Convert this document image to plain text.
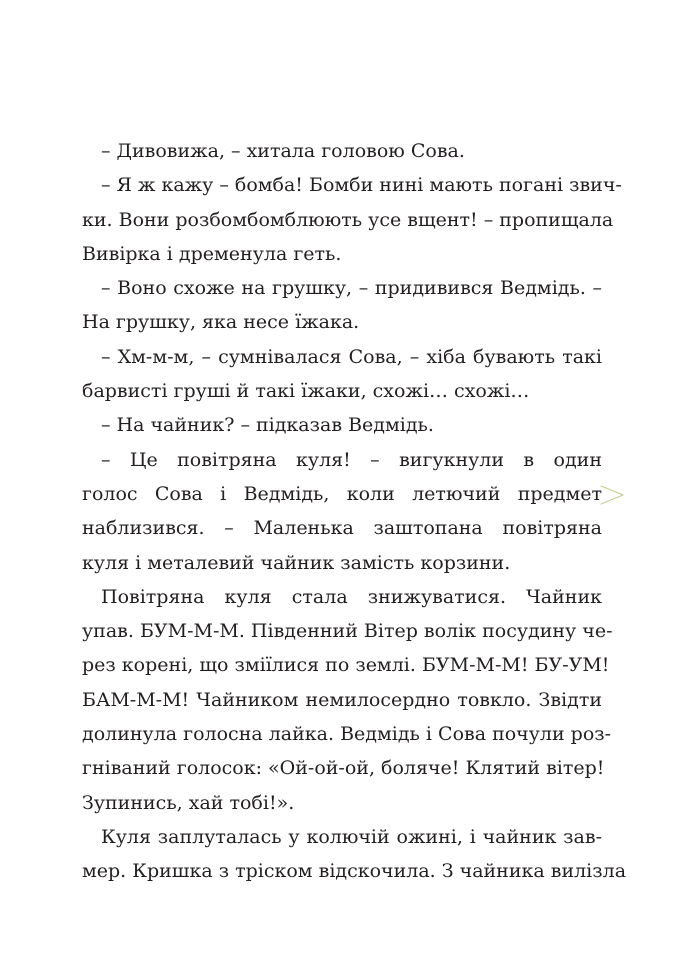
– Дивовижа, – хитала головою Сова.
– Я ж кажу – бомба! Бомби нині мають погані звич-
ки. Вони розбомбомблюють усе вщент! – пропищала
Вивірка і дременула геть.
– Воно схоже на грушку, – придивився Ведмідь. –
На грушку, яка несе їжака.
– Хм-м-м, – сумнівалася Сова, – хіба бувають такі
барвисті груші й такі їжаки, схожі… схожі…
– На чайник? – підказав Ведмідь.
– Це повітряна куля! – вигукнули в один
голос Сова і Ведмідь, коли летючий предмет
наблизився. – Маленька заштопана повітряна
куля і металевий чайник замість корзини.
Повітряна куля стала знижуватися. Чайник
упав. БУМ-М-М. Південний Вітер волік посудину че-
рез корені, що зміїлися по землі. БУМ-М-М! БУ-УМ!
БАМ-М-М! Чайником немилосердно товкло. Звідти
долинула голосна лайка. Ведмідь і Сова почули роз-
гніваний голосок: «Ой-ой-ой, боляче! Клятий вітер!
Зупинись, хай тобі!».
Куля заплуталась у колючій ожині, і чайник зав-
мер. Кришка з тріском відскочила. З чайника вилізла
